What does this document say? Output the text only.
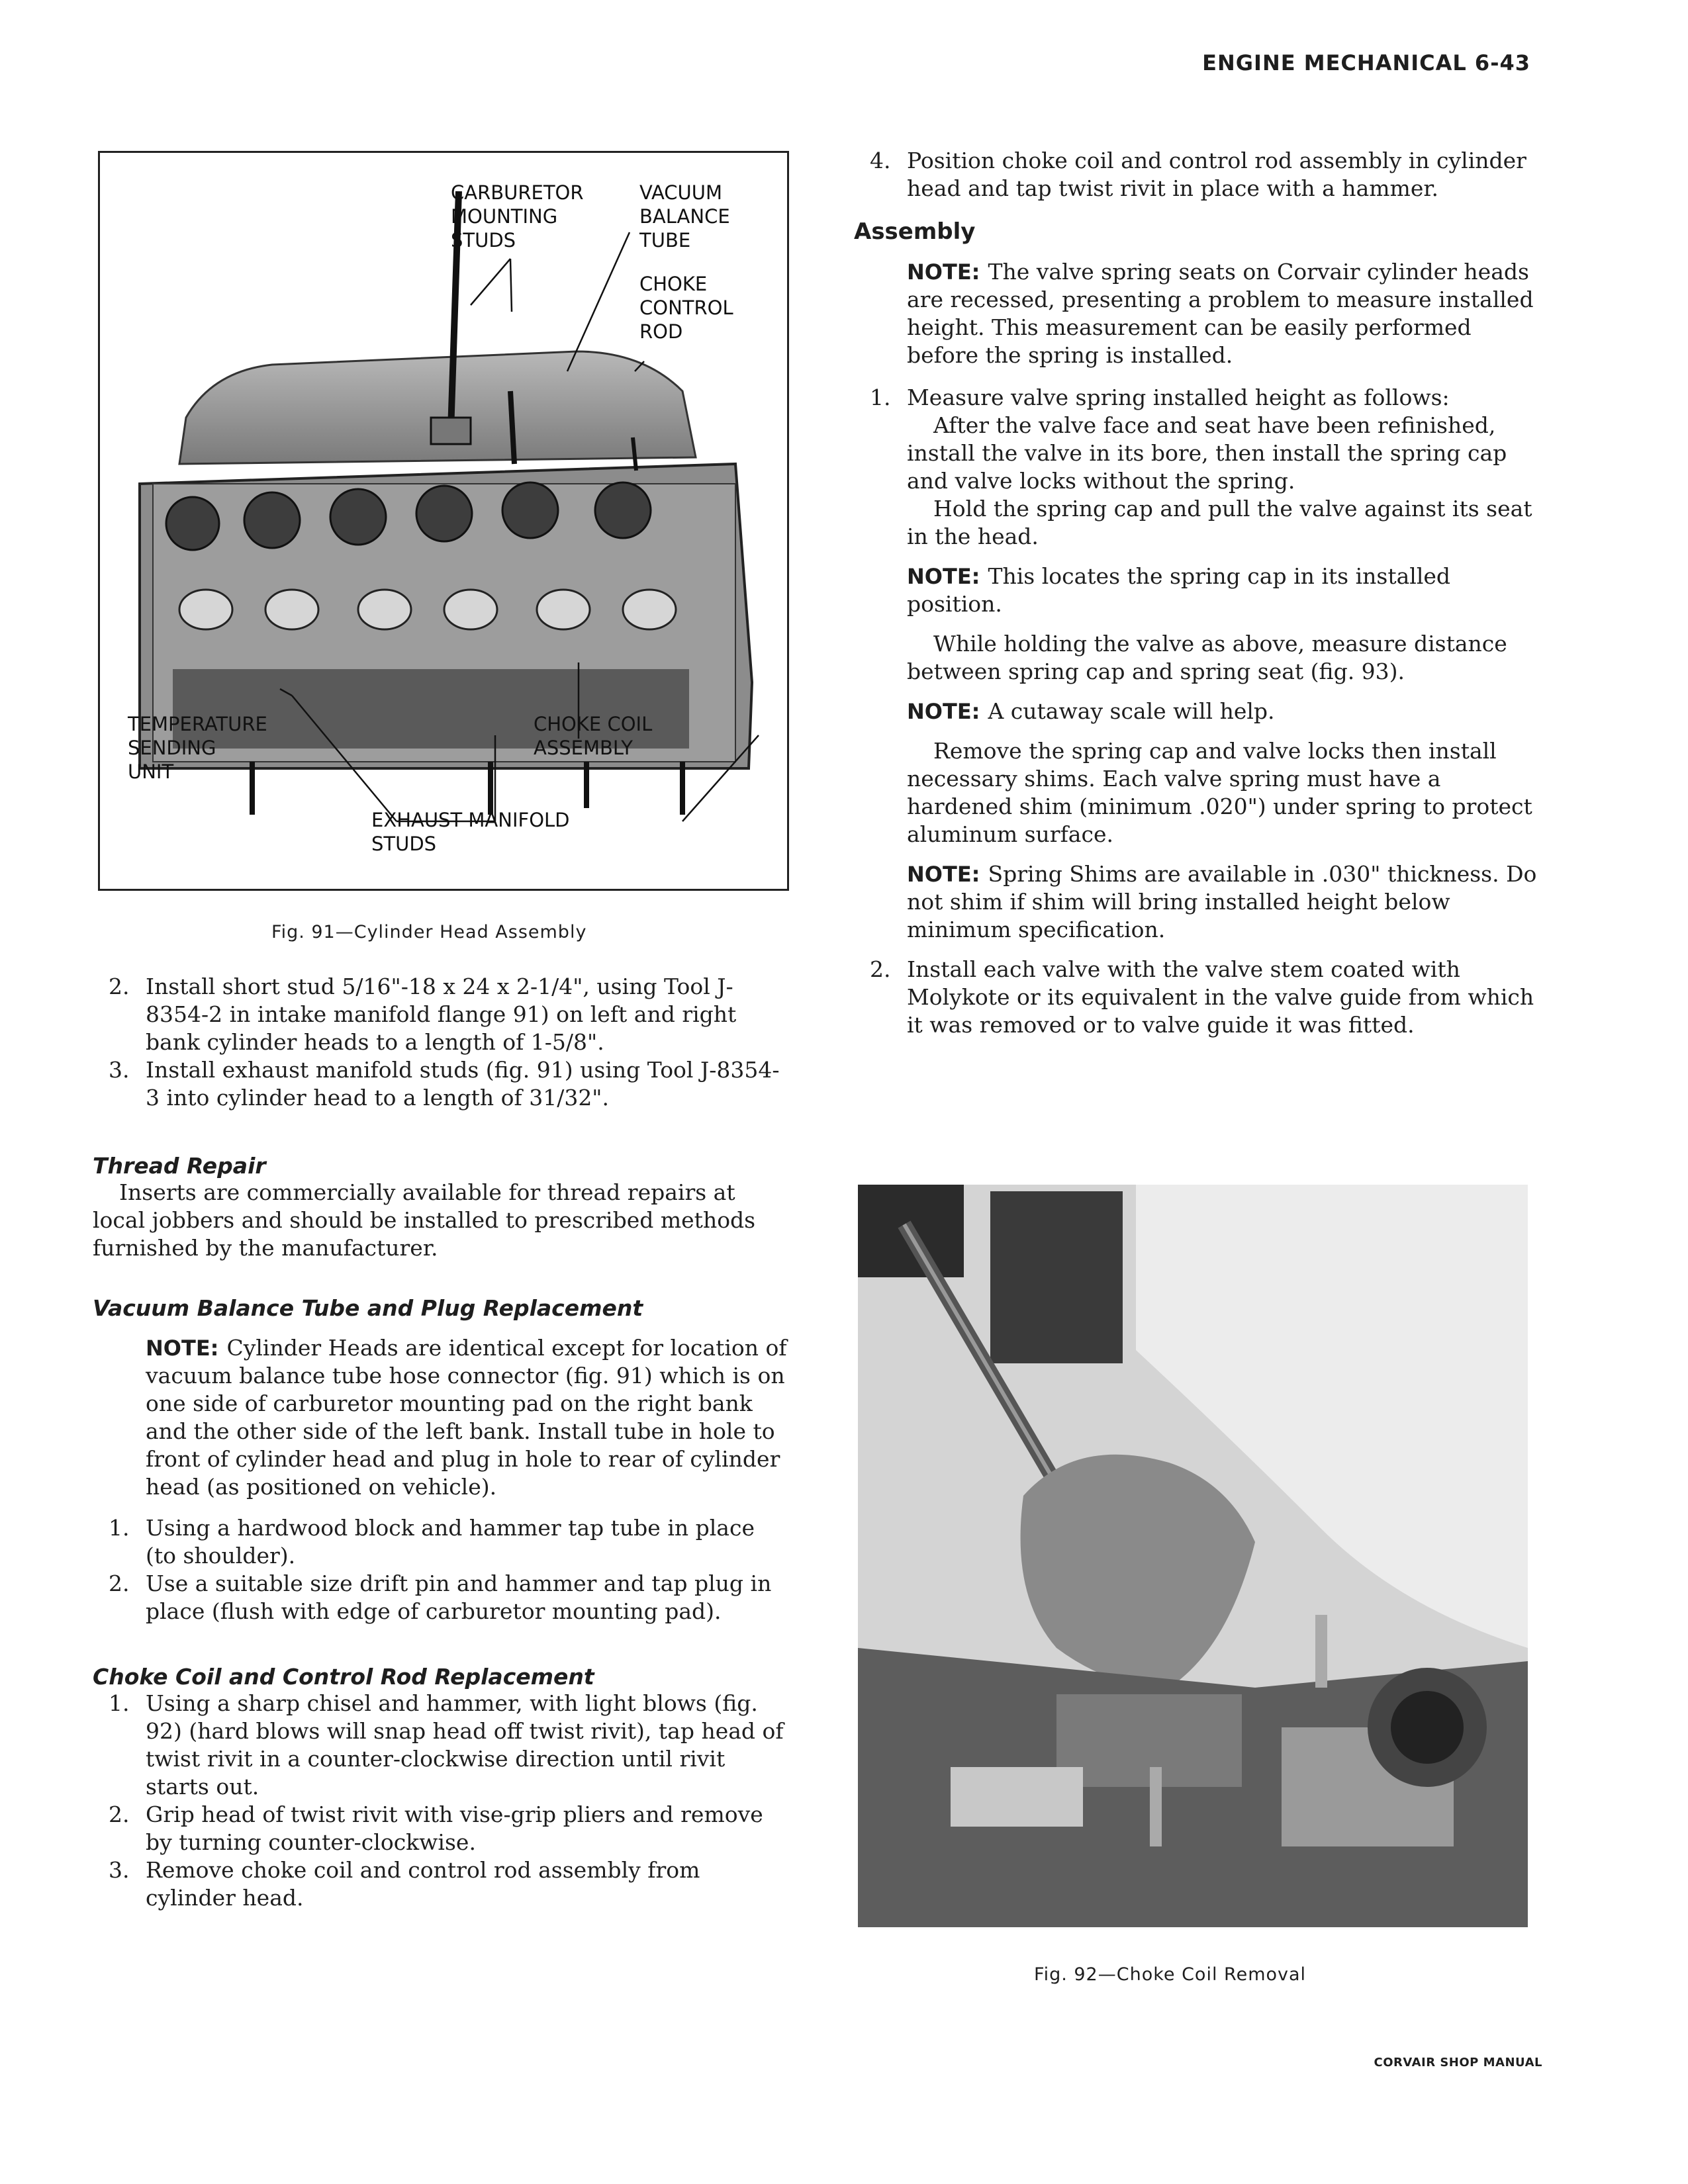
ENGINE MECHANICAL 6-43
CARBURETOR
MOUNTING
STUDS
VACUUM
BALANCE
TUBE
CHOKE
CONTROL
ROD
TEMPERATURE
SENDING
UNIT
CHOKE COIL
ASSEMBLY
EXHAUST MANIFOLD
STUDS
Fig. 91—Cylinder Head Assembly

2. Install short stud 5/16"-18 x 24 x 2-1/4", using Tool J-8354-2 in intake manifold flange 91) on left and right bank cylinder heads to a length of 1-5/8".

3. Install exhaust manifold studs (fig. 91) using Tool J-8354-3 into cylinder head to a length of 31/32".

Thread Repair

Inserts are commercially available for thread repairs at local jobbers and should be installed to prescribed methods furnished by the manufacturer.

Vacuum Balance Tube and Plug Replacement

NOTE: Cylinder Heads are identical except for location of vacuum balance tube hose connector (fig. 91) which is on one side of carburetor mounting pad on the right bank and the other side of the left bank. Install tube in hole to front of cylinder head and plug in hole to rear of cylinder head (as positioned on vehicle).

1. Using a hardwood block and hammer tap tube in place (to shoulder).

2. Use a suitable size drift pin and hammer and tap plug in place (flush with edge of carburetor mounting pad).

Choke Coil and Control Rod Replacement

1. Using a sharp chisel and hammer, with light blows (fig. 92) (hard blows will snap head off twist rivit), tap head of twist rivit in a counter-clockwise direction until rivit starts out.

2. Grip head of twist rivit with vise-grip pliers and remove by turning counter-clockwise.

3. Remove choke coil and control rod assembly from cylinder head.

4. Position choke coil and control rod assembly in cylinder head and tap twist rivit in place with a hammer.

Assembly

NOTE: The valve spring seats on Corvair cylinder heads are recessed, presenting a problem to measure installed height. This measurement can be easily performed before the spring is installed.

1. Measure valve spring installed height as follows:

After the valve face and seat have been refinished, install the valve in its bore, then install the spring cap and valve locks without the spring.

Hold the spring cap and pull the valve against its seat in the head.

NOTE: This locates the spring cap in its installed position.

While holding the valve as above, measure distance between spring cap and spring seat (fig. 93).

NOTE: A cutaway scale will help.

Remove the spring cap and valve locks then install necessary shims. Each valve spring must have a hardened shim (minimum .020") under spring to protect aluminum surface.

NOTE: Spring Shims are available in .030" thickness. Do not shim if shim will bring installed height below minimum specification.

2. Install each valve with the valve stem coated with Molykote or its equivalent in the valve guide from which it was removed or to valve guide it was fitted.

Fig. 92—Choke Coil Removal
CORVAIR SHOP MANUAL
